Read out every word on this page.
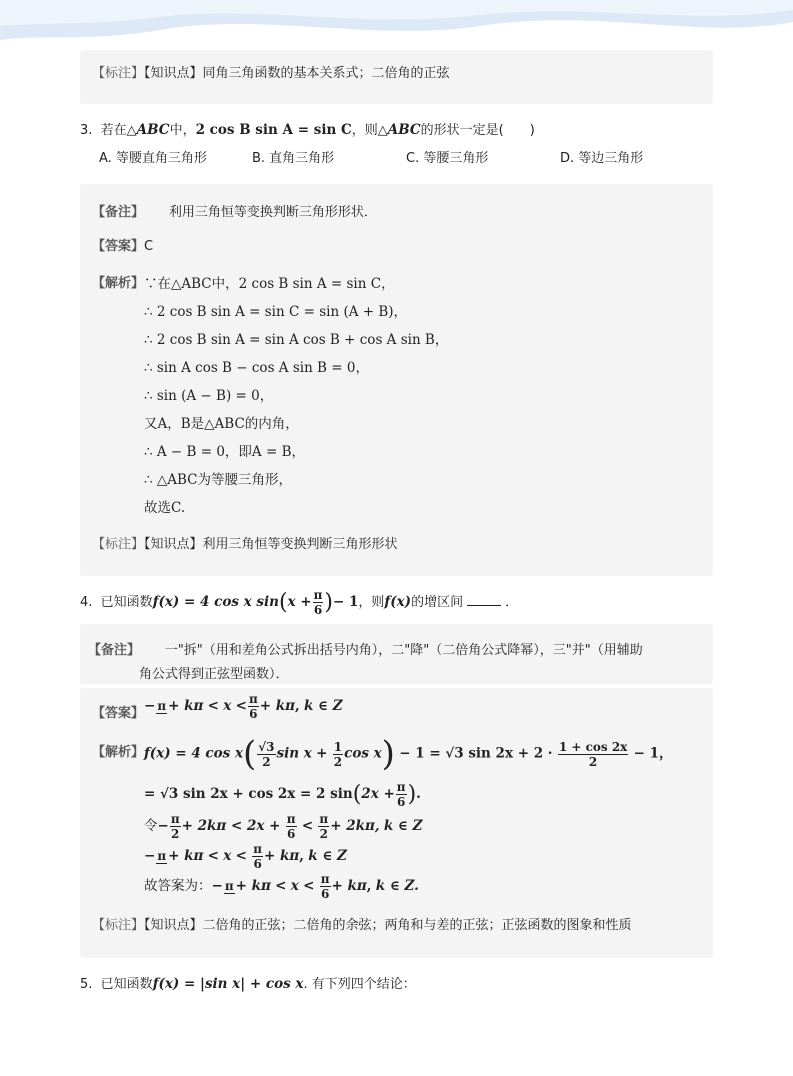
【标注】【知识点】同角三角函数的基本关系式；二倍角的正弦
3. 若在△ABC中，2 cos B sin A = sin C，则△ABC的形状一定是(　　)
A. 等腰直角三角形	B. 直角三角形	C. 等腰三角形	D. 等边三角形
【备注】 利用三角恒等变换判断三角形形状．
【答案】C
【解析】 ∵在△ABC中，2 cos B sin A = sin C，
∴ 2 cos B sin A = sin C = sin (A + B)，
∴ 2 cos B sin A = sin A cos B + cos A sin B，
∴ sin A cos B − cos A sin B = 0，
∴ sin (A − B) = 0，
又A，B是△ABC的内角，
∴ A − B = 0，即A = B，
∴ △ABC为等腰三角形，
故选C.
【标注】【知识点】利用三角恒等变换判断三角形形状
4. 已知函数f(x) = 4 cos x $\sin(x + \frac{\pi}{6}$ )− 1，则f(x)的增区间	．
【备注】 一"拆"（用和差角公式拆出括号内角），二"降"（二倍角公式降幂），三"并"（用辅助
角公式得到正弦型函数）．
【答案】 − $\pi + k\pi < x < \frac{\pi}{6} + k\pi$, k ∈ Z
【解析】 f(x) = 4 $\cos x( \frac{√3}{2}$ $\sin x + \frac{1}{2}$ cos x) − 1 = √3 $\sin 2x + 2 \cdot \frac{1 + \cos 2x}{2} - 1$，
= √3 sin 2x + cos 2x = 2 $\sin(2x + \frac{\pi}{6}$ ).
令− $\frac{\pi}{2} + 2k\pi < 2x + \frac{\pi}{6} < \frac{\pi}{2} + 2k\pi$, k ∈ Z
− $\pi + k\pi < x < \frac{\pi}{6} + k\pi$, k ∈ Z
故答案为：− $\pi + k\pi < x < \frac{\pi}{6} + k\pi$, k ∈ Z.
【标注】【知识点】二倍角的正弦；二倍角的余弦；两角和与差的正弦；正弦函数的图象和性质
5. 已知函数f(x) = |sin x| + cos x. 有下列四个结论：
